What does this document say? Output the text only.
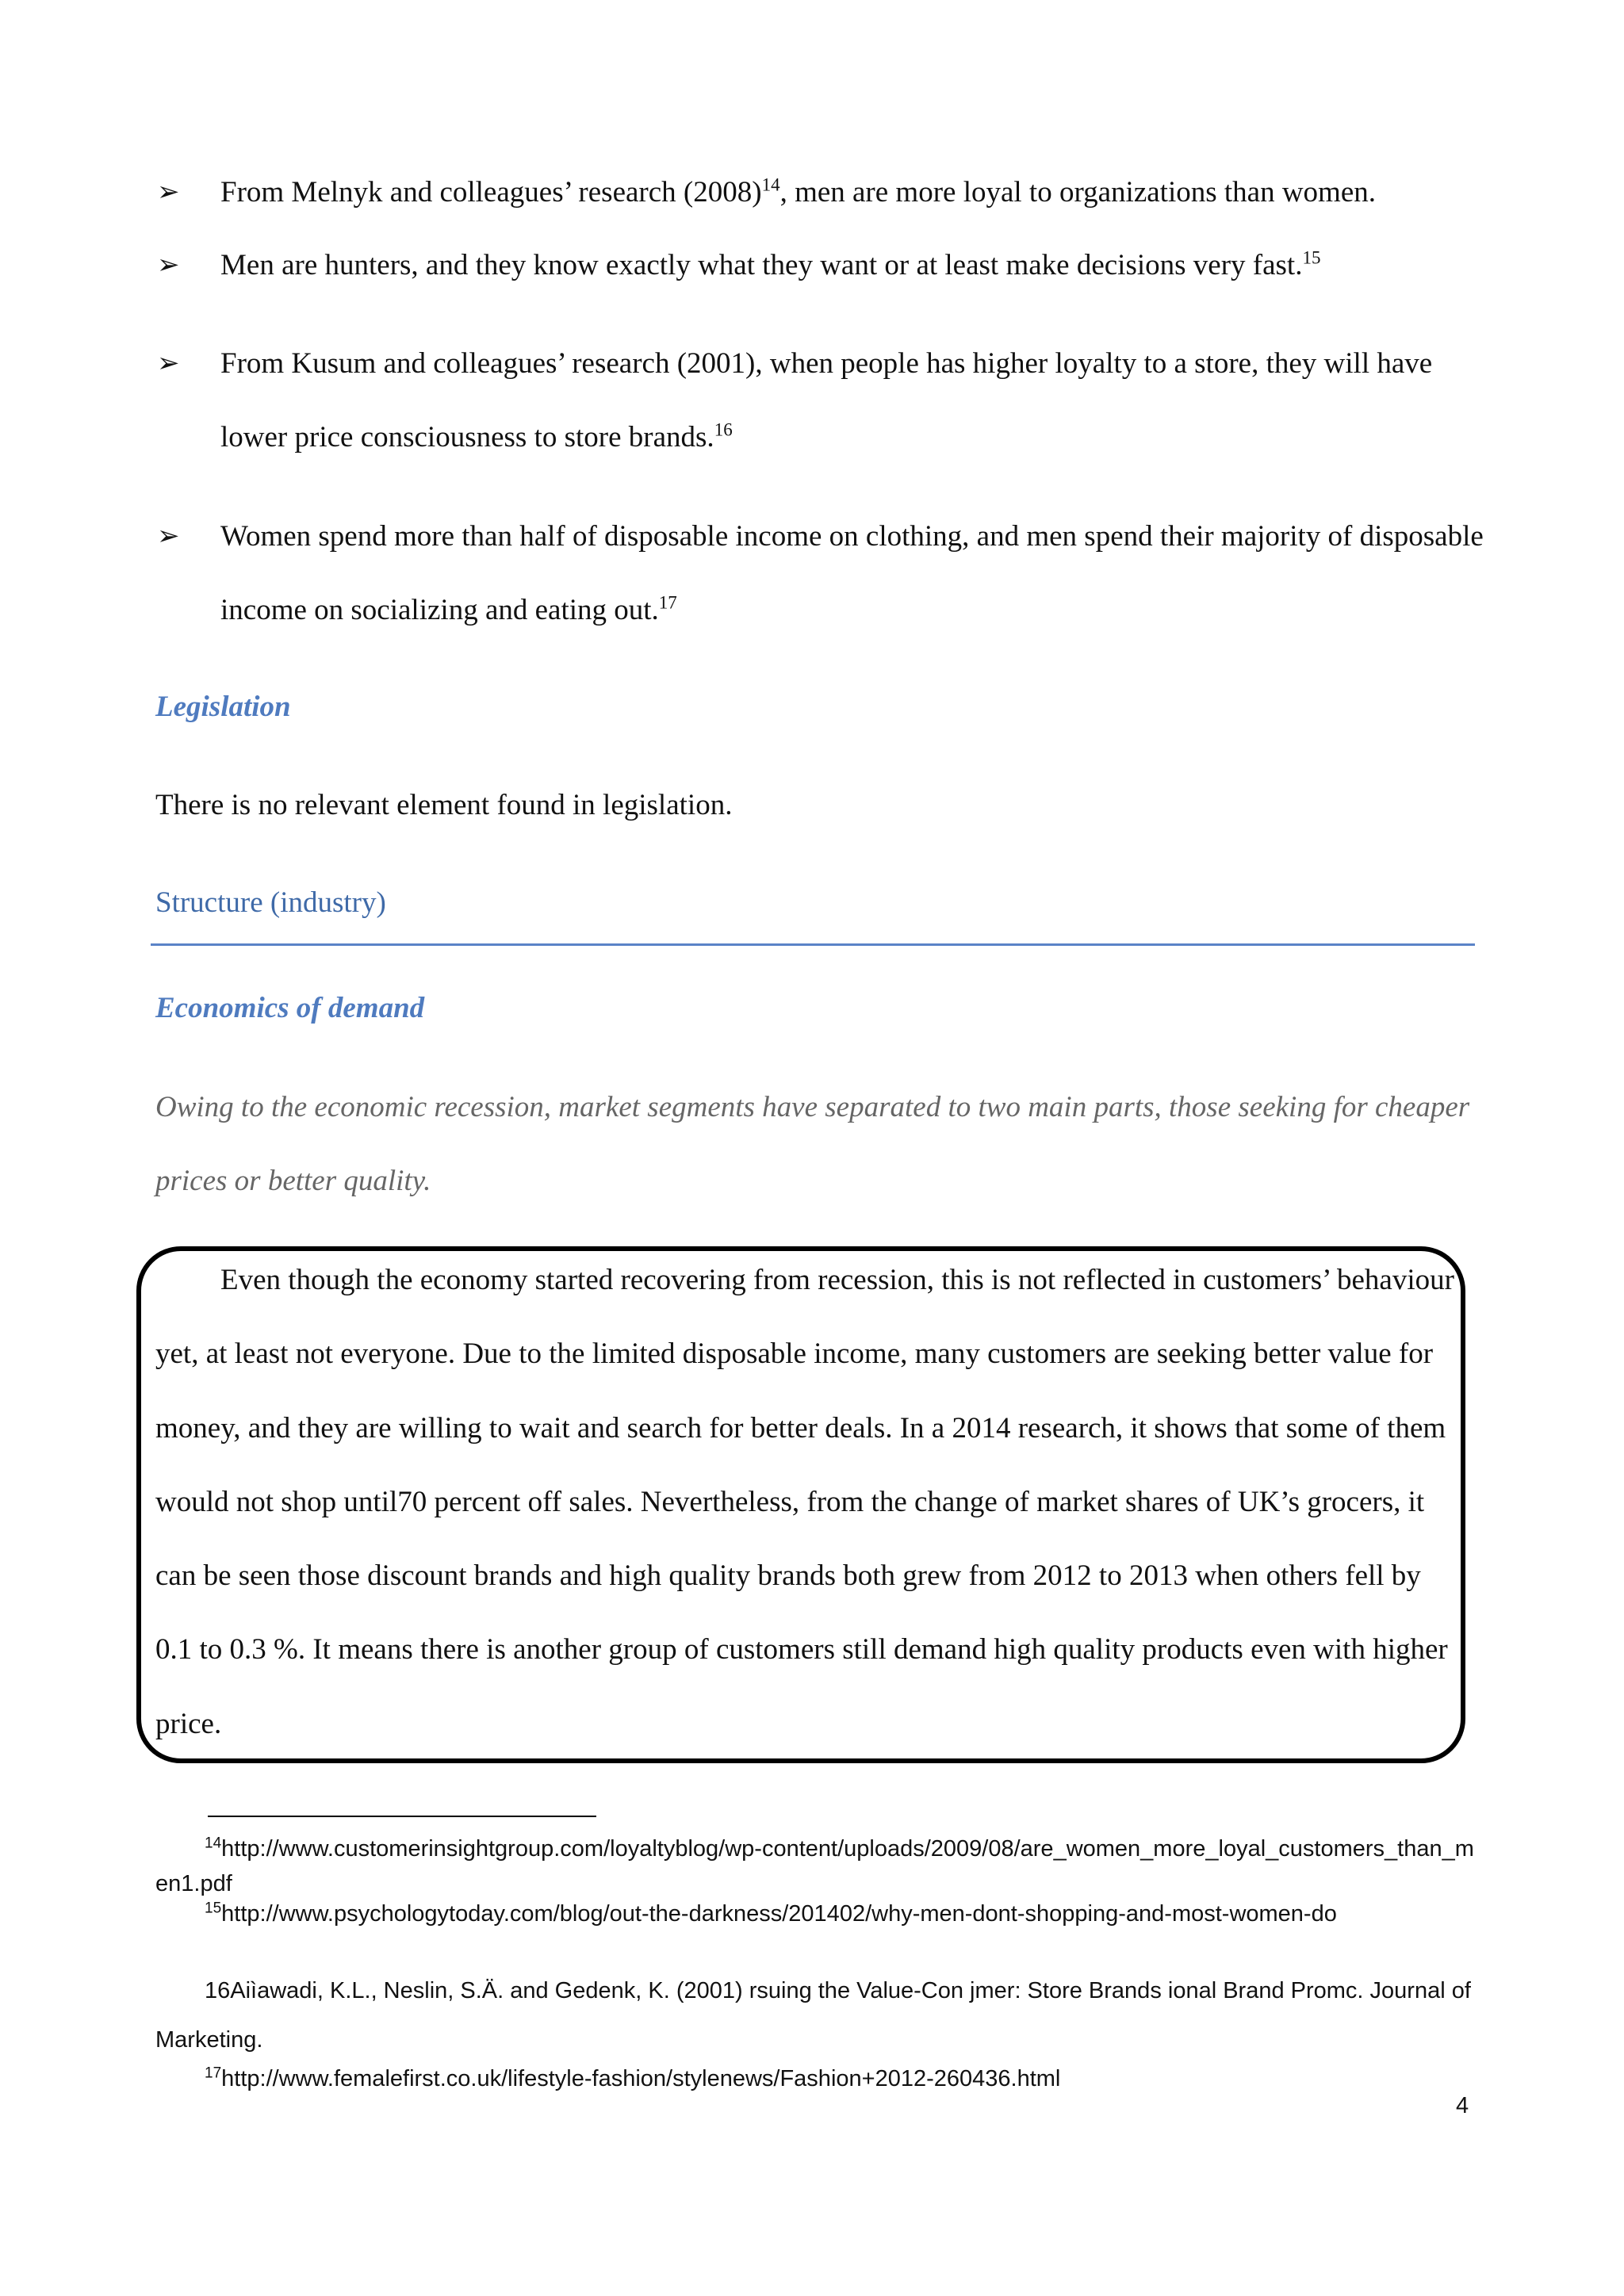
➢	From Melnyk and colleagues’ research $(2008)^{14}$, men are more loyal to organizations than women.
➢	Men are hunters, and they know exactly what they want or at least make decisions very fast.$^{15}$
➢	From Kusum and colleagues’ research (2001), when people has higher loyalty to a store, they will have lower price consciousness to store brands.$^{16}$
➢	Women spend more than half of disposable income on clothing, and men spend their majority of disposable income on socializing and eating out.$^{17}$
Legislation
There is no relevant element found in legislation.
Structure (industry)
Economics of demand
Owing to the economic recession, market segments have separated to two main parts, those seeking for cheaper prices or better quality.
Even though the economy started recovering from recession, this is not reflected in customers’ behaviour yet, at least not everyone. Due to the limited disposable income, many customers are seeking better value for money, and they are willing to wait and search for better deals. In a 2014 research, it shows that some of them would not shop until70 percent off sales. Nevertheless, from the change of market shares of UK’s grocers, it can be seen those discount brands and high quality brands both grew from 2012 to 2013 when others fell by 0.1 to 0.3 %. It means there is another group of customers still demand high quality products even with higher price.
$^{14}$http://www.customerinsightgroup.com/loyaltyblog/wp-content/uploads/2009/08/are_women_more_loyal_customers_than_men1.pdf
$^{15}$http://www.psychologytoday.com/blog/out-the-darkness/201402/why-men-dont-shopping-and-most-women-do
16Aiìawadi, K.L., Neslin, S.Ä. and Gedenk, K. (2001) rsuing the Value-Con jmer: Store Brands ional Brand Promc. Journal of Marketing.
$^{17}$http://www.femalefirst.co.uk/lifestyle-fashion/stylenews/Fashion+2012-260436.html
4
